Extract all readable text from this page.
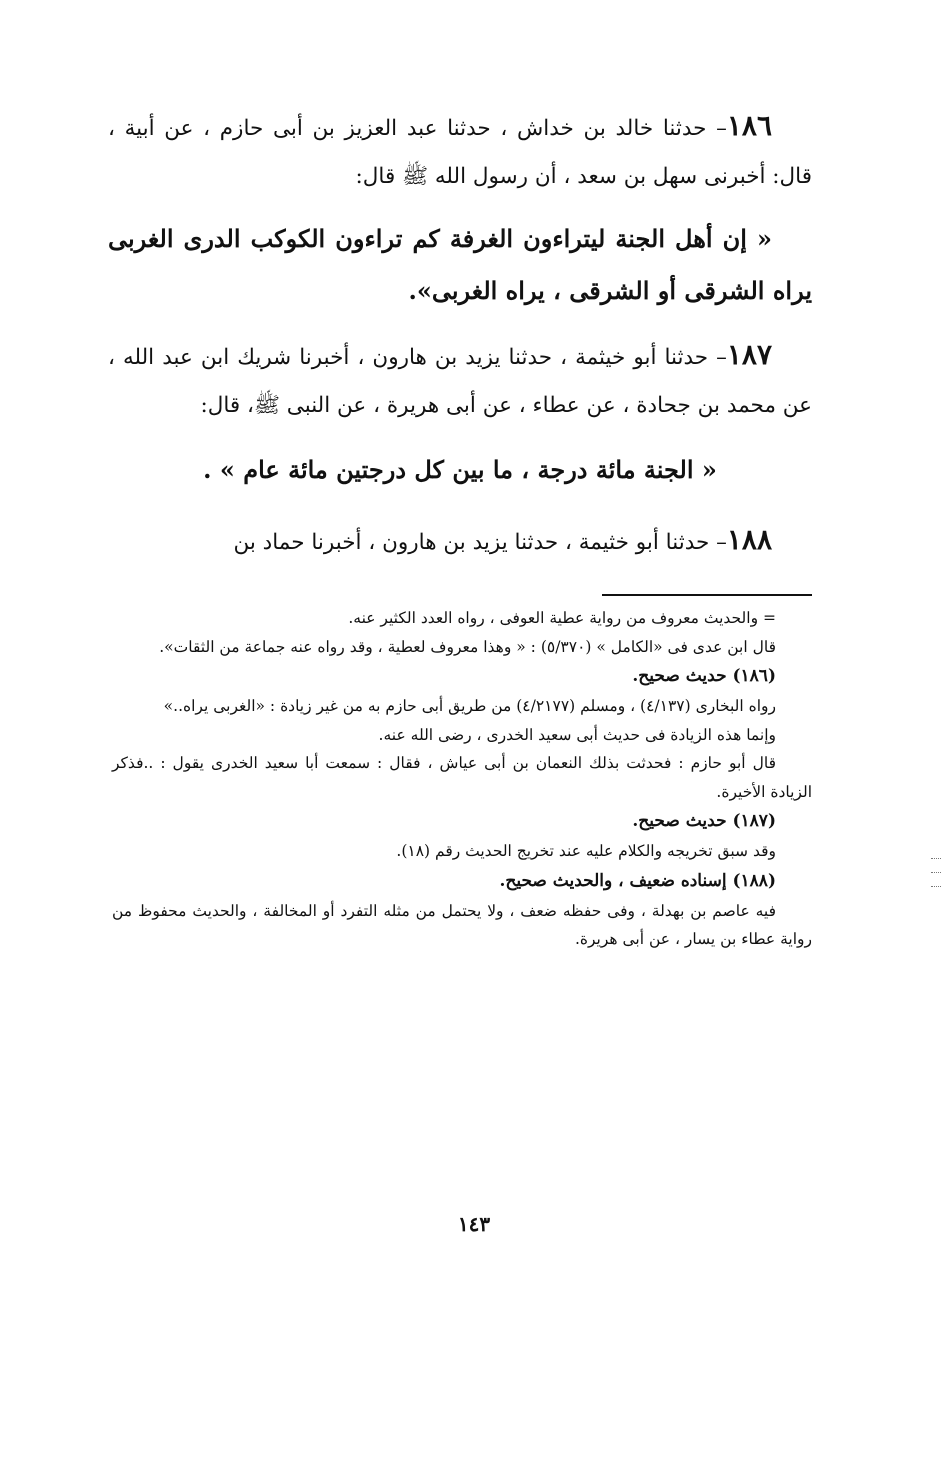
١٨٦– حدثنا خالد بن خداش ، حدثنا عبد العزيز بن أبى حازم ، عن أبية ، قال: أخبرنى سهل بن سعد ، أن رسول الله ﷺ قال:

« إن أهل الجنة ليتراءون الغرفة كم تراءون الكوكب الدرى الغربى يراه الشرقى أو الشرقى ، يراه الغربى».

١٨٧– حدثنا أبو خيثمة ، حدثنا يزيد بن هارون ، أخبرنا شريك ابن عبد الله ، عن محمد بن جحادة ، عن عطاء ، عن أبى هريرة ، عن النبى ﷺ، قال:

« الجنة مائة درجة ، ما بين كل درجتين مائة عام » .

١٨٨– حدثنا أبو خثيمة ، حدثنا يزيد بن هارون ، أخبرنا حماد بن

= والحديث معروف من رواية عطية العوفى ، رواه العدد الكثير عنه.

قال ابن عدى فى «الكامل » (٥/٣٧٠) : « وهذا معروف لعطية ، وقد رواه عنه جماعة من الثقات».

(١٨٦) حديث صحيح.

رواه البخارى (٤/١٣٧) ، ومسلم (٤/٢١٧٧) من طريق أبى حازم به من غير زيادة : «الغربى يراه..»

وإنما هذه الزيادة فى حديث أبى سعيد الخدرى ، رضى الله عنه.

قال أبو حازم : فحدثت بذلك النعمان بن أبى عياش ، فقال : سمعت أبا سعيد الخدرى يقول : ..فذكر الزيادة الأخيرة.

(١٨٧) حديث صحيح.

وقد سبق تخريجه والكلام عليه عند تخريج الحديث رقم (١٨).

(١٨٨) إسناده ضعيف ، والحديث صحيح.

فيه عاصم بن بهدلة ، وفى حفظه ضعف ، ولا يحتمل من مثله التفرد أو المخالفة ، والحديث محفوظ من رواية عطاء بن يسار ، عن أبى هريرة.

١٤٣
